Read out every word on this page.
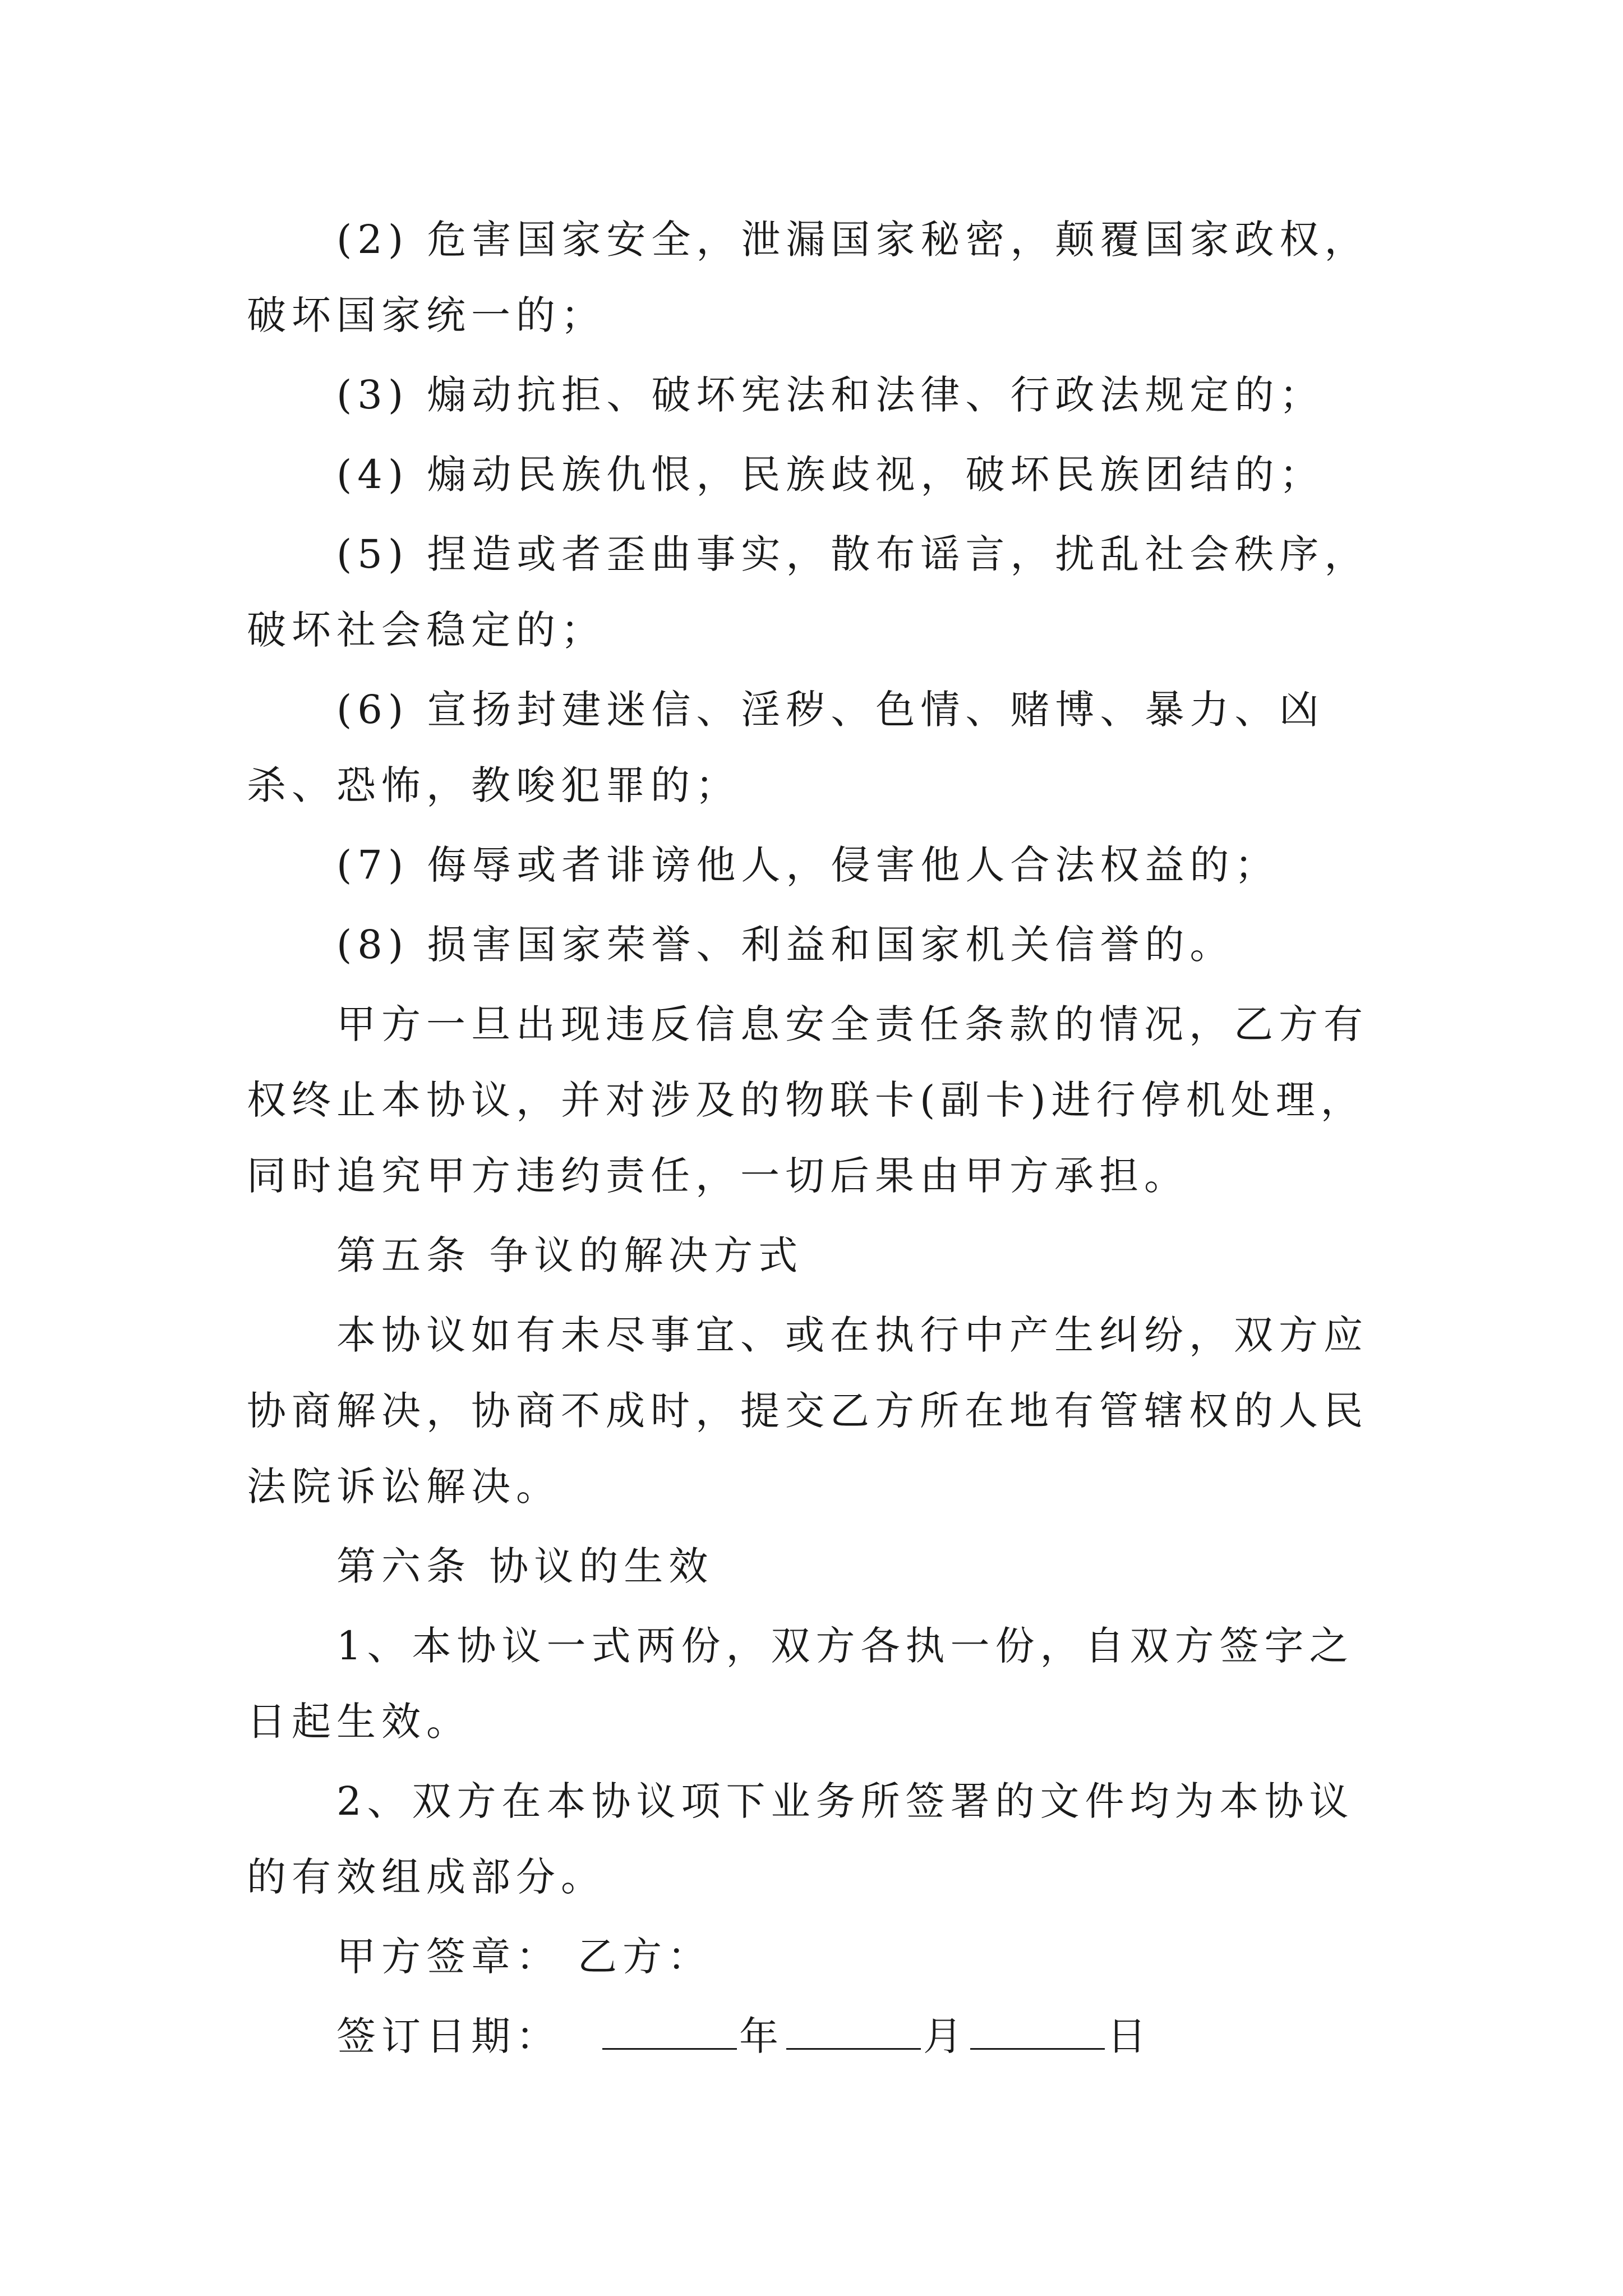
(2) 危害国家安全，泄漏国家秘密，颠覆国家政权，破坏国家统一的；

(3) 煽动抗拒、破坏宪法和法律、行政法规定的；

(4) 煽动民族仇恨，民族歧视，破坏民族团结的；

(5) 捏造或者歪曲事实，散布谣言，扰乱社会秩序，破坏社会稳定的；

(6) 宣扬封建迷信、淫秽、色情、赌博、暴力、凶杀、恐怖，教唆犯罪的；

(7) 侮辱或者诽谤他人，侵害他人合法权益的；

(8) 损害国家荣誉、利益和国家机关信誉的。

甲方一旦出现违反信息安全责任条款的情况，乙方有权终止本协议，并对涉及的物联卡(副卡)进行停机处理，同时追究甲方违约责任，一切后果由甲方承担。

第五条 争议的解决方式

本协议如有未尽事宜、或在执行中产生纠纷，双方应协商解决，协商不成时，提交乙方所在地有管辖权的人民法院诉讼解决。

第六条 协议的生效

1、本协议一式两份，双方各执一份，自双方签字之日起生效。

2、双方在本协议项下业务所签署的文件均为本协议的有效组成部分。

甲方签章： 乙方：
签订日期：	年	月	日
